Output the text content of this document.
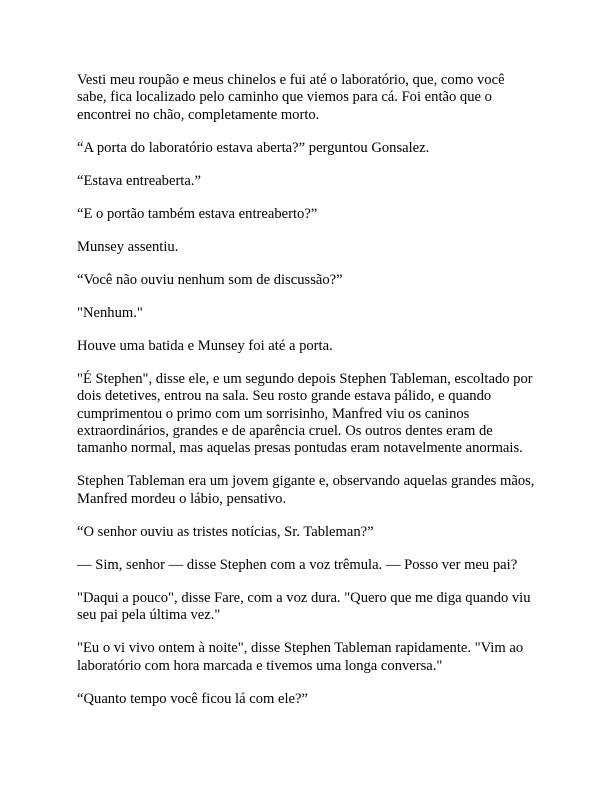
Vesti meu roupão e meus chinelos e fui até o laboratório, que, como você sabe, fica localizado pelo caminho que viemos para cá. Foi então que o encontrei no chão, completamente morto.

“A porta do laboratório estava aberta?” perguntou Gonsalez.

“Estava entreaberta.”

“E o portão também estava entreaberto?”

Munsey assentiu.

“Você não ouviu nenhum som de discussão?”

"Nenhum."

Houve uma batida e Munsey foi até a porta.

"É Stephen", disse ele, e um segundo depois Stephen Tableman, escoltado por dois detetives, entrou na sala. Seu rosto grande estava pálido, e quando cumprimentou o primo com um sorrisinho, Manfred viu os caninos extraordinários, grandes e de aparência cruel. Os outros dentes eram de tamanho normal, mas aquelas presas pontudas eram notavelmente anormais.

Stephen Tableman era um jovem gigante e, observando aquelas grandes mãos, Manfred mordeu o lábio, pensativo.

“O senhor ouviu as tristes notícias, Sr. Tableman?”

— Sim, senhor — disse Stephen com a voz trêmula. — Posso ver meu pai?

"Daqui a pouco", disse Fare, com a voz dura. "Quero que me diga quando viu seu pai pela última vez."

"Eu o vi vivo ontem à noite", disse Stephen Tableman rapidamente. "Vim ao laboratório com hora marcada e tivemos uma longa conversa."

“Quanto tempo você ficou lá com ele?”
